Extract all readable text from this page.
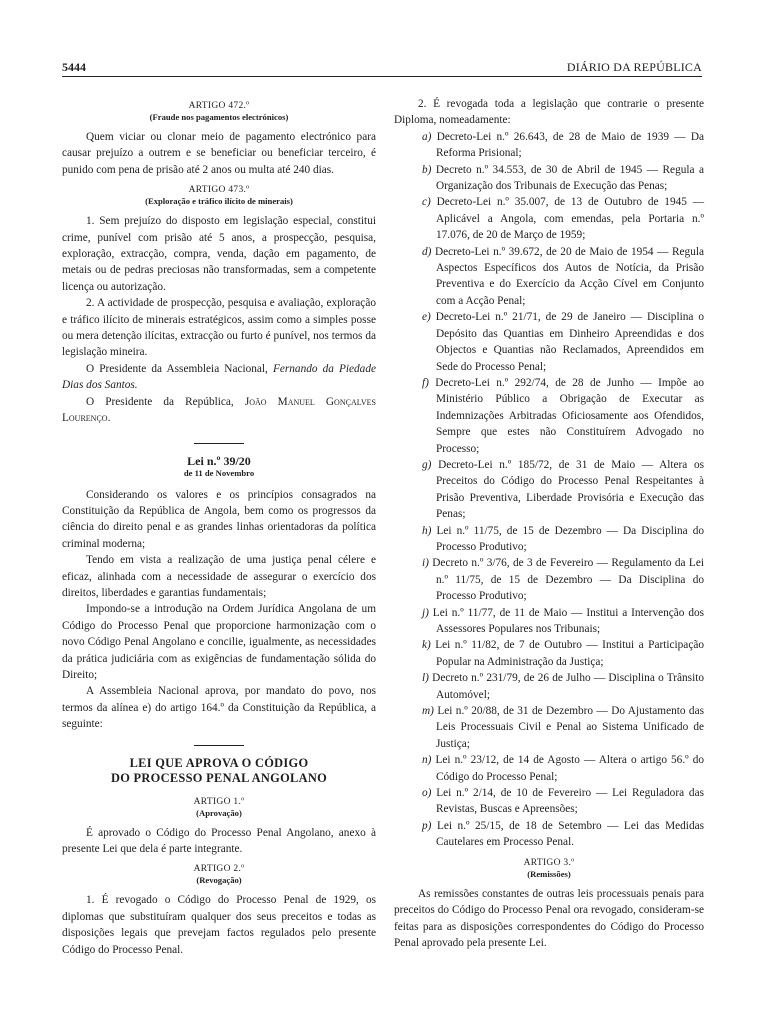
5444	DIÁRIO DA REPÚBLICA
ARTIGO 472.º
(Fraude nos pagamentos electrónicos)

Quem viciar ou clonar meio de pagamento electrónico para causar prejuízo a outrem e se beneficiar ou beneficiar terceiro, é punido com pena de prisão até 2 anos ou multa até 240 dias.

ARTIGO 473.º
(Exploração e tráfico ilícito de minerais)

1. Sem prejuízo do disposto em legislação especial, constitui crime, punível com prisão até 5 anos, a prospecção, pesquisa, exploração, extracção, compra, venda, dação em pagamento, de metais ou de pedras preciosas não transformadas, sem a competente licença ou autorização.

2. A actividade de prospecção, pesquisa e avaliação, exploração e tráfico ilícito de minerais estratégicos, assim como a simples posse ou mera detenção ilícitas, extracção ou furto é punível, nos termos da legislação mineira.

O Presidente da Assembleia Nacional, Fernando da Piedade Dias dos Santos.

O Presidente da República, João Manuel Gonçalves Lourenço.

Lei n.º 39/20
de 11 de Novembro

Considerando os valores e os princípios consagrados na Constituição da República de Angola, bem como os progressos da ciência do direito penal e as grandes linhas orientadoras da política criminal moderna;

Tendo em vista a realização de uma justiça penal célere e eficaz, alinhada com a necessidade de assegurar o exercício dos direitos, liberdades e garantias fundamentais;

Impondo-se a introdução na Ordem Jurídica Angolana de um Código do Processo Penal que proporcione harmonização com o novo Código Penal Angolano e concilie, igualmente, as necessidades da prática judiciária com as exigências de fundamentação sólida do Direito;

A Assembleia Nacional aprova, por mandato do povo, nos termos da alínea e) do artigo 164.º da Constituição da República, a seguinte:

LEI QUE APROVA O CÓDIGO
DO PROCESSO PENAL ANGOLANO
ARTIGO 1.º
(Aprovação)

É aprovado o Código do Processo Penal Angolano, anexo à presente Lei que dela é parte integrante.

ARTIGO 2.º
(Revogação)

1. É revogado o Código do Processo Penal de 1929, os diplomas que substituíram qualquer dos seus preceitos e todas as disposições legais que prevejam factos regulados pelo presente Código do Processo Penal.

2. É revogada toda a legislação que contrarie o presente Diploma, nomeadamente:

a) Decreto-Lei n.º 26.643, de 28 de Maio de 1939 — Da Reforma Prisional;

b) Decreto n.º 34.553, de 30 de Abril de 1945 — Regula a Organização dos Tribunais de Execução das Penas;

c) Decreto-Lei n.º 35.007, de 13 de Outubro de 1945 — Aplicável a Angola, com emendas, pela Portaria n.º 17.076, de 20 de Março de 1959;

d) Decreto-Lei n.º 39.672, de 20 de Maio de 1954 — Regula Aspectos Específicos dos Autos de Notícia, da Prisão Preventiva e do Exercício da Acção Cível em Conjunto com a Acção Penal;

e) Decreto-Lei n.º 21/71, de 29 de Janeiro — Disciplina o Depósito das Quantias em Dinheiro Apreendidas e dos Objectos e Quantias não Reclamados, Apreendidos em Sede do Processo Penal;

f) Decreto-Lei n.º 292/74, de 28 de Junho — Impõe ao Ministério Público a Obrigação de Executar as Indemnizações Arbitradas Oficiosamente aos Ofendidos, Sempre que estes não Constituírem Advogado no Processo;

g) Decreto-Lei n.º 185/72, de 31 de Maio — Altera os Preceitos do Código do Processo Penal Respeitantes à Prisão Preventiva, Liberdade Provisória e Execução das Penas;

h) Lei n.º 11/75, de 15 de Dezembro — Da Disciplina do Processo Produtivo;

i) Decreto n.º 3/76, de 3 de Fevereiro — Regulamento da Lei n.º 11/75, de 15 de Dezembro — Da Disciplina do Processo Produtivo;

j) Lei n.º 11/77, de 11 de Maio — Institui a Intervenção dos Assessores Populares nos Tribunais;

k) Lei n.º 11/82, de 7 de Outubro — Institui a Participação Popular na Administração da Justiça;

l) Decreto n.º 231/79, de 26 de Julho — Disciplina o Trânsito Automóvel;

m) Lei n.º 20/88, de 31 de Dezembro — Do Ajustamento das Leis Processuais Civil e Penal ao Sistema Unificado de Justiça;

n) Lei n.º 23/12, de 14 de Agosto — Altera o artigo 56.º do Código do Processo Penal;

o) Lei n.º 2/14, de 10 de Fevereiro — Lei Reguladora das Revistas, Buscas e Apreensões;

p) Lei n.º 25/15, de 18 de Setembro — Lei das Medidas Cautelares em Processo Penal.

ARTIGO 3.º
(Remissões)

As remissões constantes de outras leis processuais penais para preceitos do Código do Processo Penal ora revogado, consideram-se feitas para as disposições correspondentes do Código do Processo Penal aprovado pela presente Lei.
